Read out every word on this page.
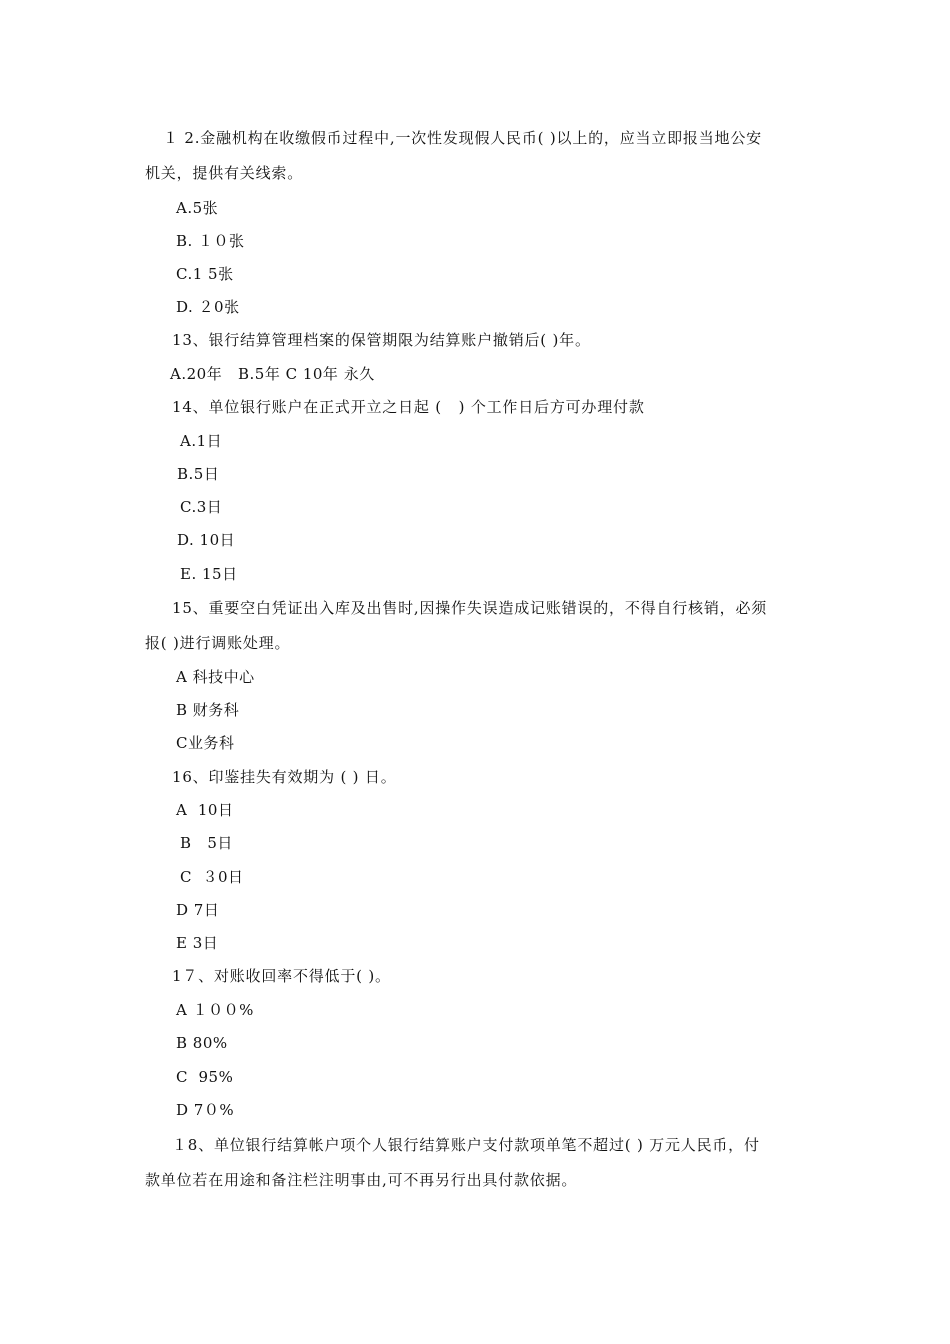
１ 2.金融机构在收缴假币过程中,一次性发现假人民币( )以上的，应当立即报当地公安
机关，提供有关线索。
A.5张
B. １０张
C.1 5张
D. ２0张
13、银行结算管理档案的保管期限为结算账户撤销后( )年。
A.20年   B.5年 C 10年 永久
14、单位银行账户在正式开立之日起 (   ) 个工作日后方可办理付款
A.1日
B.5日
C.3日
D. 10日
E. 15日
15、重要空白凭证出入库及出售时,因操作失误造成记账错误的，不得自行核销，必须
报( )进行调账处理。
A 科技中心
B 财务科
C业务科
16、印鉴挂失有效期为 ( ) 日。
A  10日
B   5日
C  ３0日
D 7日
E 3日
1７、对账收回率不得低于( )。
A １００%
B 80%
C  95%
D 7０%
１8、单位银行结算帐户项个人银行结算账户支付款项单笔不超过( ) 万元人民币，付
款单位若在用途和备注栏注明事由,可不再另行出具付款依据。
